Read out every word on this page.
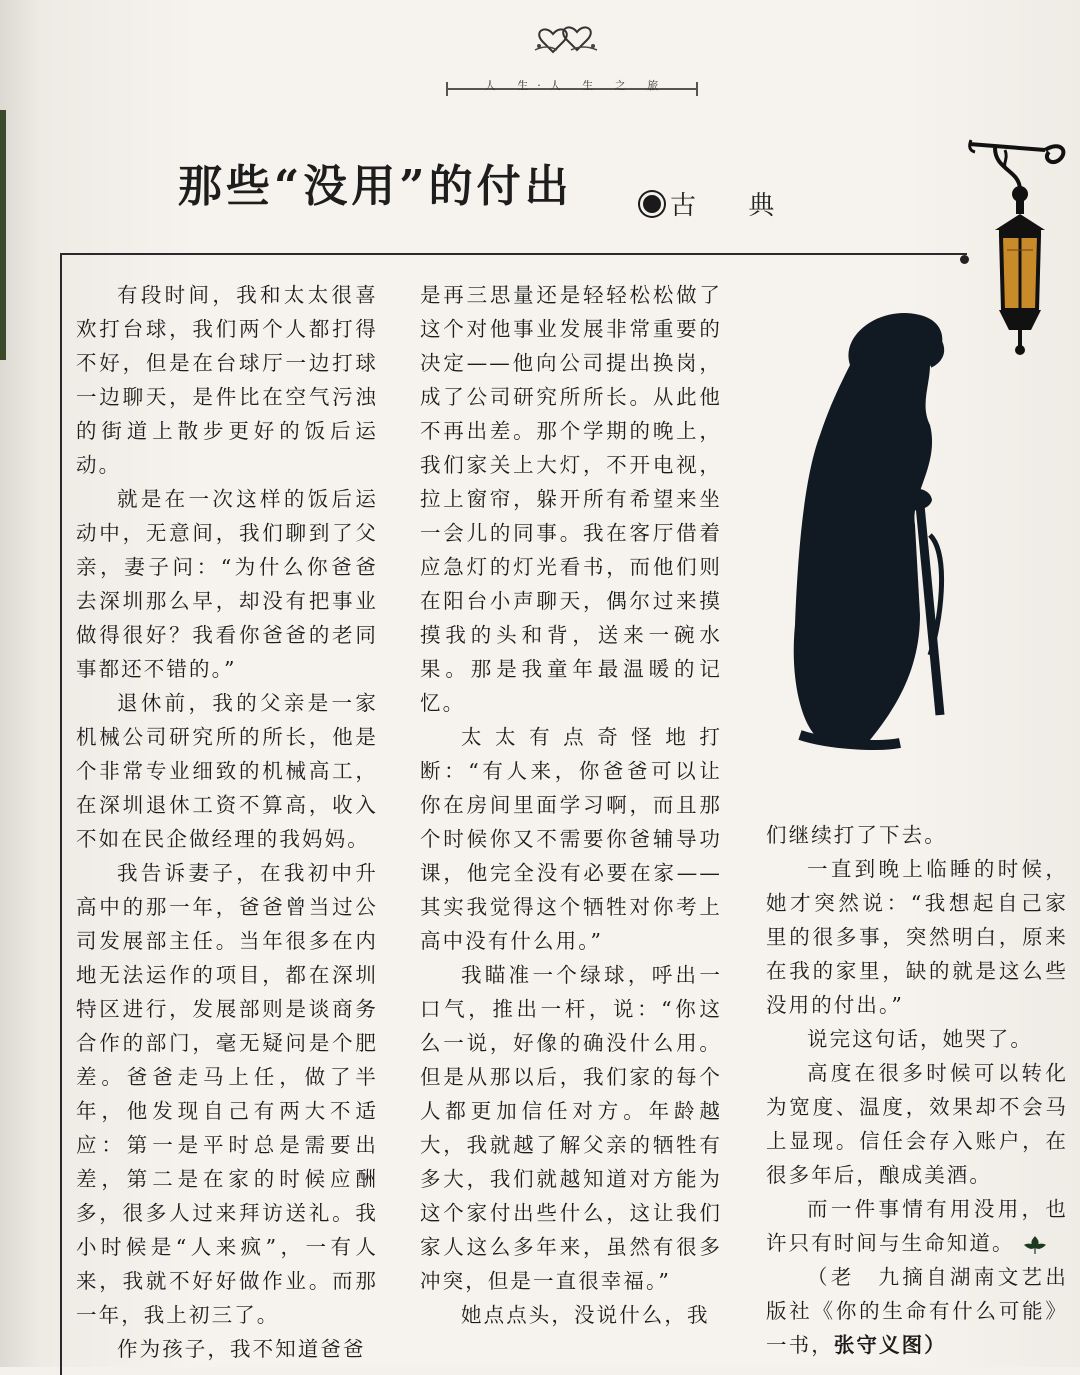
人 生·人 生 之 旅
那些“没用”的付出	古 典

有段时间，我和太太很喜欢打台球，我们两个人都打得不好，但是在台球厅一边打球一边聊天，是件比在空气污浊的街道上散步更好的饭后运动。

就是在一次这样的饭后运动中，无意间，我们聊到了父亲，妻子问：“为什么你爸爸去深圳那么早，却没有把事业做得很好？我看你爸爸的老同事都还不错的。”

退休前，我的父亲是一家机械公司研究所的所长，他是个非常专业细致的机械高工，在深圳退休工资不算高，收入不如在民企做经理的我妈妈。

我告诉妻子，在我初中升高中的那一年，爸爸曾当过公司发展部主任。当年很多在内地无法运作的项目，都在深圳特区进行，发展部则是谈商务合作的部门，毫无疑问是个肥差。爸爸走马上任，做了半年，他发现自己有两大不适应：第一是平时总是需要出差，第二是在家的时候应酬多，很多人过来拜访送礼。我小时候是“人来疯”，一有人来，我就不好好做作业。而那一年，我上初三了。

作为孩子，我不知道爸爸

是再三思量还是轻轻松松做了这个对他事业发展非常重要的决定——他向公司提出换岗，成了公司研究所所长。从此他不再出差。那个学期的晚上，我们家关上大灯，不开电视，拉上窗帘，躲开所有希望来坐一会儿的同事。我在客厅借着应急灯的灯光看书，而他们则在阳台小声聊天，偶尔过来摸摸我的头和背，送来一碗水果。那是我童年最温暖的记忆。

太太有点奇怪地打断：“有人来，你爸爸可以让你在房间里面学习啊，而且那个时候你又不需要你爸辅导功课，他完全没有必要在家——其实我觉得这个牺牲对你考上高中没有什么用。”

我瞄准一个绿球，呼出一口气，推出一杆，说：“你这么一说，好像的确没什么用。但是从那以后，我们家的每个人都更加信任对方。年龄越大，我就越了解父亲的牺牲有多大，我们就越知道对方能为这个家付出些什么，这让我们家人这么多年来，虽然有很多冲突，但是一直很幸福。”

她点点头，没说什么，我

们继续打了下去。

一直到晚上临睡的时候，她才突然说：“我想起自己家里的很多事，突然明白，原来在我的家里，缺的就是这么些没用的付出。”

说完这句话，她哭了。

高度在很多时候可以转化为宽度、温度，效果却不会马上显现。信任会存入账户，在很多年后，酿成美酒。

而一件事情有用没用，也许只有时间与生命知道。

（老　九摘自湖南文艺出版社《你的生命有什么可能》一书，张守义图）
